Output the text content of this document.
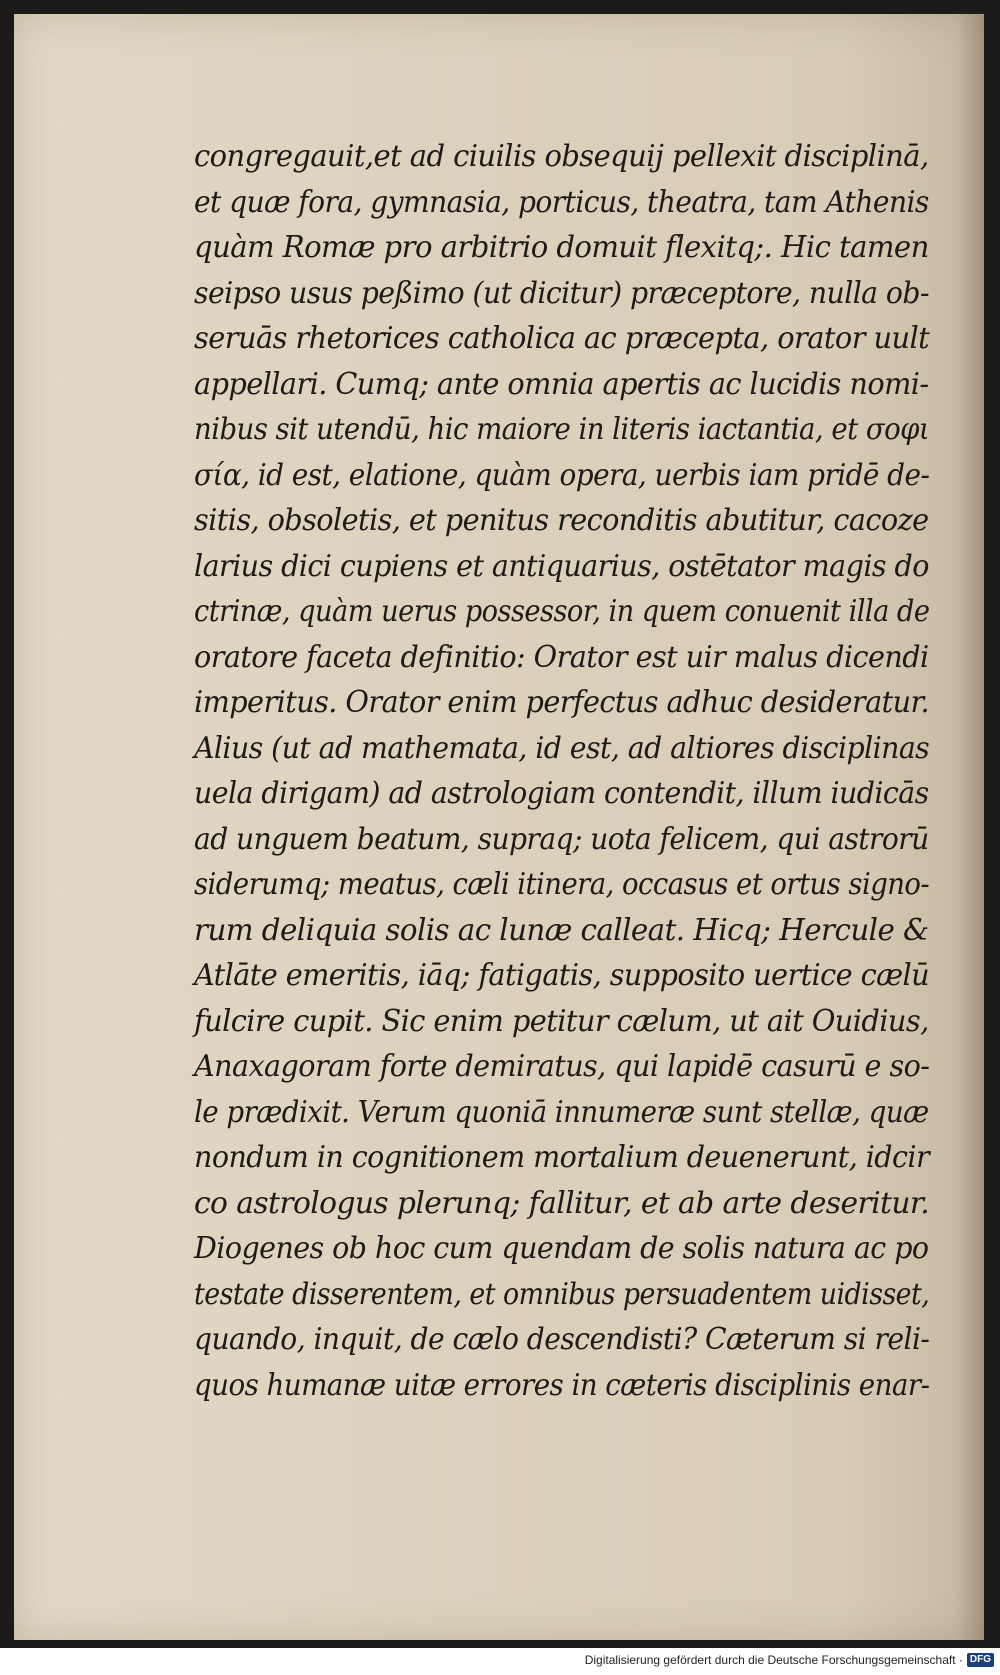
congregauit,et ad ciuilis obsequij pellexit disciplinā,
et quæ fora, gymnasia, porticus, theatra, tam Athenis
quàm Romæ pro arbitrio domuit flexitq;. Hic tamen
seipso usus peßimo (ut dicitur) præceptore, nulla ob-
seruās rhetorices catholica ac præcepta, orator uult
appellari. Cumq; ante omnia apertis ac lucidis nomi-
nibus sit utendū, hic maiore in literis iactantia, et σοφι
σία, id est, elatione, quàm opera, uerbis iam pridē de-
sitis, obsoletis, et penitus reconditis abutitur, cacoze
larius dici cupiens et antiquarius, ostētator magis do
ctrinæ, quàm uerus possessor, in quem conuenit illa de
oratore faceta definitio: Orator est uir malus dicendi
imperitus. Orator enim perfectus adhuc desideratur.
Alius (ut ad mathemata, id est, ad altiores disciplinas
uela dirigam) ad astrologiam contendit, illum iudicās
ad unguem beatum, supraq; uota felicem, qui astrorū
siderumq; meatus, cæli itinera, occasus et ortus signo-
rum deliquia solis ac lunæ calleat. Hicq; Hercule &
Atlāte emeritis, iāq; fatigatis, supposito uertice cælū
fulcire cupit. Sic enim petitur cælum, ut ait Ouidius,
Anaxagoram forte demiratus, qui lapidē casurū e so-
le prædixit. Verum quoniā innumeræ sunt stellæ, quæ
nondum in cognitionem mortalium deuenerunt, idcir
co astrologus plerunq; fallitur, et ab arte deseritur.
Diogenes ob hoc cum quendam de solis natura ac po
testate disserentem, et omnibus persuadentem uidisset,
quando, inquit, de cælo descendisti? Cæterum si reli-
quos humanæ uitæ errores in cæteris disciplinis enar-
Digitalisierung gefördert durch die Deutsche Forschungsgemeinschaft · DFG
